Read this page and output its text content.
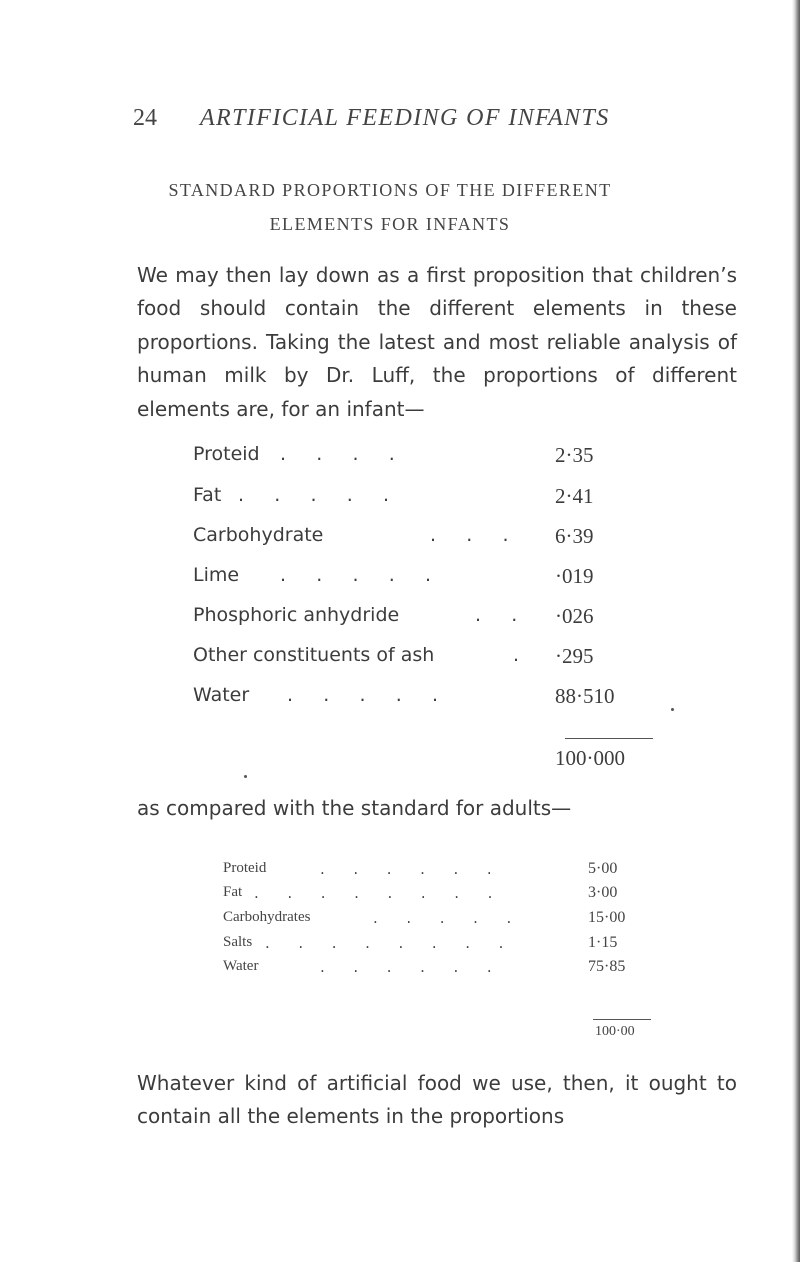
24 ARTIFICIAL FEEDING OF INFANTS
STANDARD PROPORTIONS OF THE DIFFERENT
ELEMENTS FOR INFANTS

We may then lay down as a first proposition that children’s food should contain the different elements in these proportions. Taking the latest and most reliable analysis of human milk by Dr. Luff, the proportions of different elements are, for an infant—

Proteid .     .     .     .	2·35
Fat .     .     .     .     .	2·41
Carbohydrate	.     .     . 6·39
Lime .     .     .     .     .	·019
Phosphoric anhydride	.     . ·026
Other constituents of ash	. ·295
Water .     .     .     .     .	88·510
100·000

as compared with the standard for adults—

Proteid	.      .      .      .      .      .	5·00
Fat .      .      .      .      .      .      .      .	3·00
Carbohydrates	.      .      .      .      .	15·00
Salts .      .      .      .      .      .      .      .	1·15
Water	.      .      .      .      .      .	75·85
100·00

Whatever kind of artificial food we use, then, it ought to contain all the elements in the proportions
